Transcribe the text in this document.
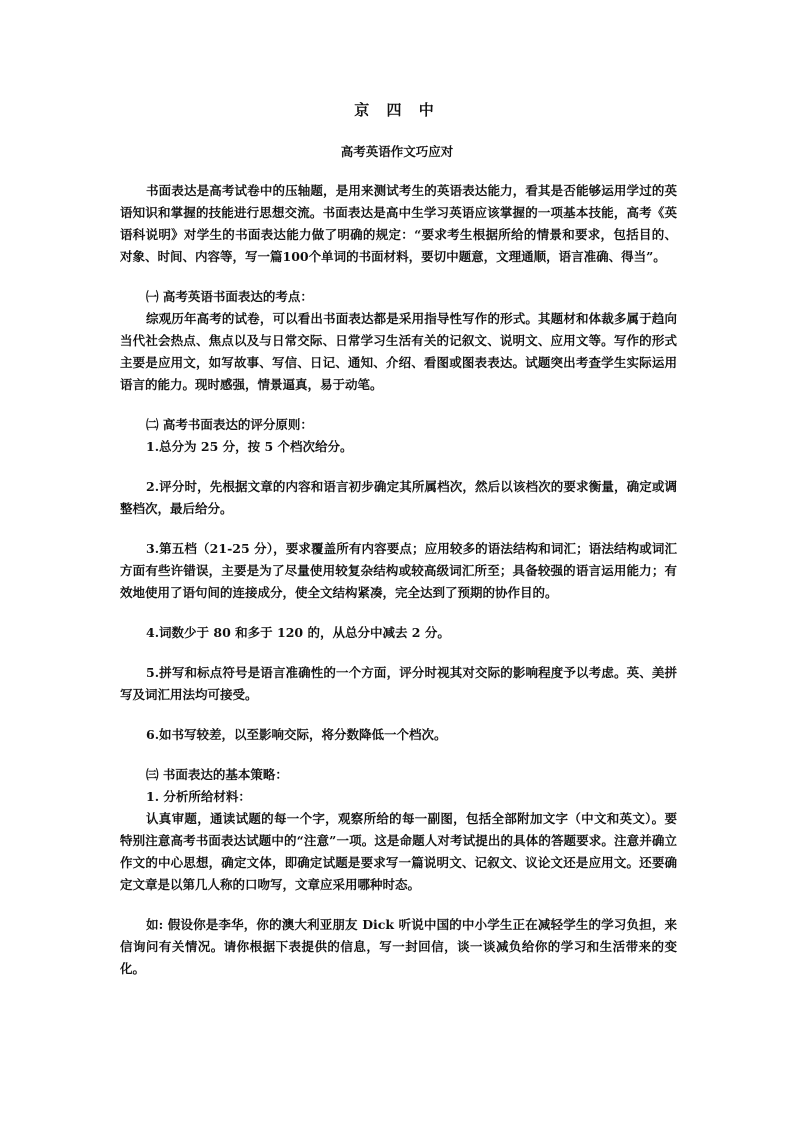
京 四 中
高考英语作文巧应对

书面表达是高考试卷中的压轴题，是用来测试考生的英语表达能力，看其是否能够运用学过的英语知识和掌握的技能进行思想交流。书面表达是高中生学习英语应该掌握的一项基本技能，高考《英语科说明》对学生的书面表达能力做了明确的规定：“要求考生根据所给的情景和要求，包括目的、对象、时间、内容等，写一篇100个单词的书面材料，要切中题意，文理通顺，语言准确、得当”。

㈠ 高考英语书面表达的考点：

综观历年高考的试卷，可以看出书面表达都是采用指导性写作的形式。其题材和体裁多属于趋向当代社会热点、焦点以及与日常交际、日常学习生活有关的记叙文、说明文、应用文等。写作的形式主要是应用文，如写故事、写信、日记、通知、介绍、看图或图表表达。试题突出考查学生实际运用语言的能力。现时感强，情景逼真，易于动笔。

㈡ 高考书面表达的评分原则：

1.总分为 25 分，按 5 个档次给分。

2.评分时，先根据文章的内容和语言初步确定其所属档次，然后以该档次的要求衡量，确定或调整档次，最后给分。

3.第五档（21-25 分），要求覆盖所有内容要点；应用较多的语法结构和词汇；语法结构或词汇方面有些许错误，主要是为了尽量使用较复杂结构或较高级词汇所至；具备较强的语言运用能力；有效地使用了语句间的连接成分，使全文结构紧凑，完全达到了预期的协作目的。

4.词数少于 80 和多于 120 的，从总分中减去 2 分。

5.拼写和标点符号是语言准确性的一个方面，评分时视其对交际的影响程度予以考虑。英、美拼写及词汇用法均可接受。

6.如书写较差，以至影响交际，将分数降低一个档次。

㈢ 书面表达的基本策略：

1. 分析所给材料：

认真审题，通读试题的每一个字，观察所给的每一副图，包括全部附加文字（中文和英文）。要特别注意高考书面表达试题中的“注意”一项。这是命题人对考试提出的具体的答题要求。注意并确立作文的中心思想，确定文体，即确定试题是要求写一篇说明文、记叙文、议论文还是应用文。还要确定文章是以第几人称的口吻写，文章应采用哪种时态。

如: 假设你是李华，你的澳大利亚朋友 Dick 听说中国的中小学生正在减轻学生的学习负担，来信询问有关情况。请你根据下表提供的信息，写一封回信，谈一谈减负给你的学习和生活带来的变化。
